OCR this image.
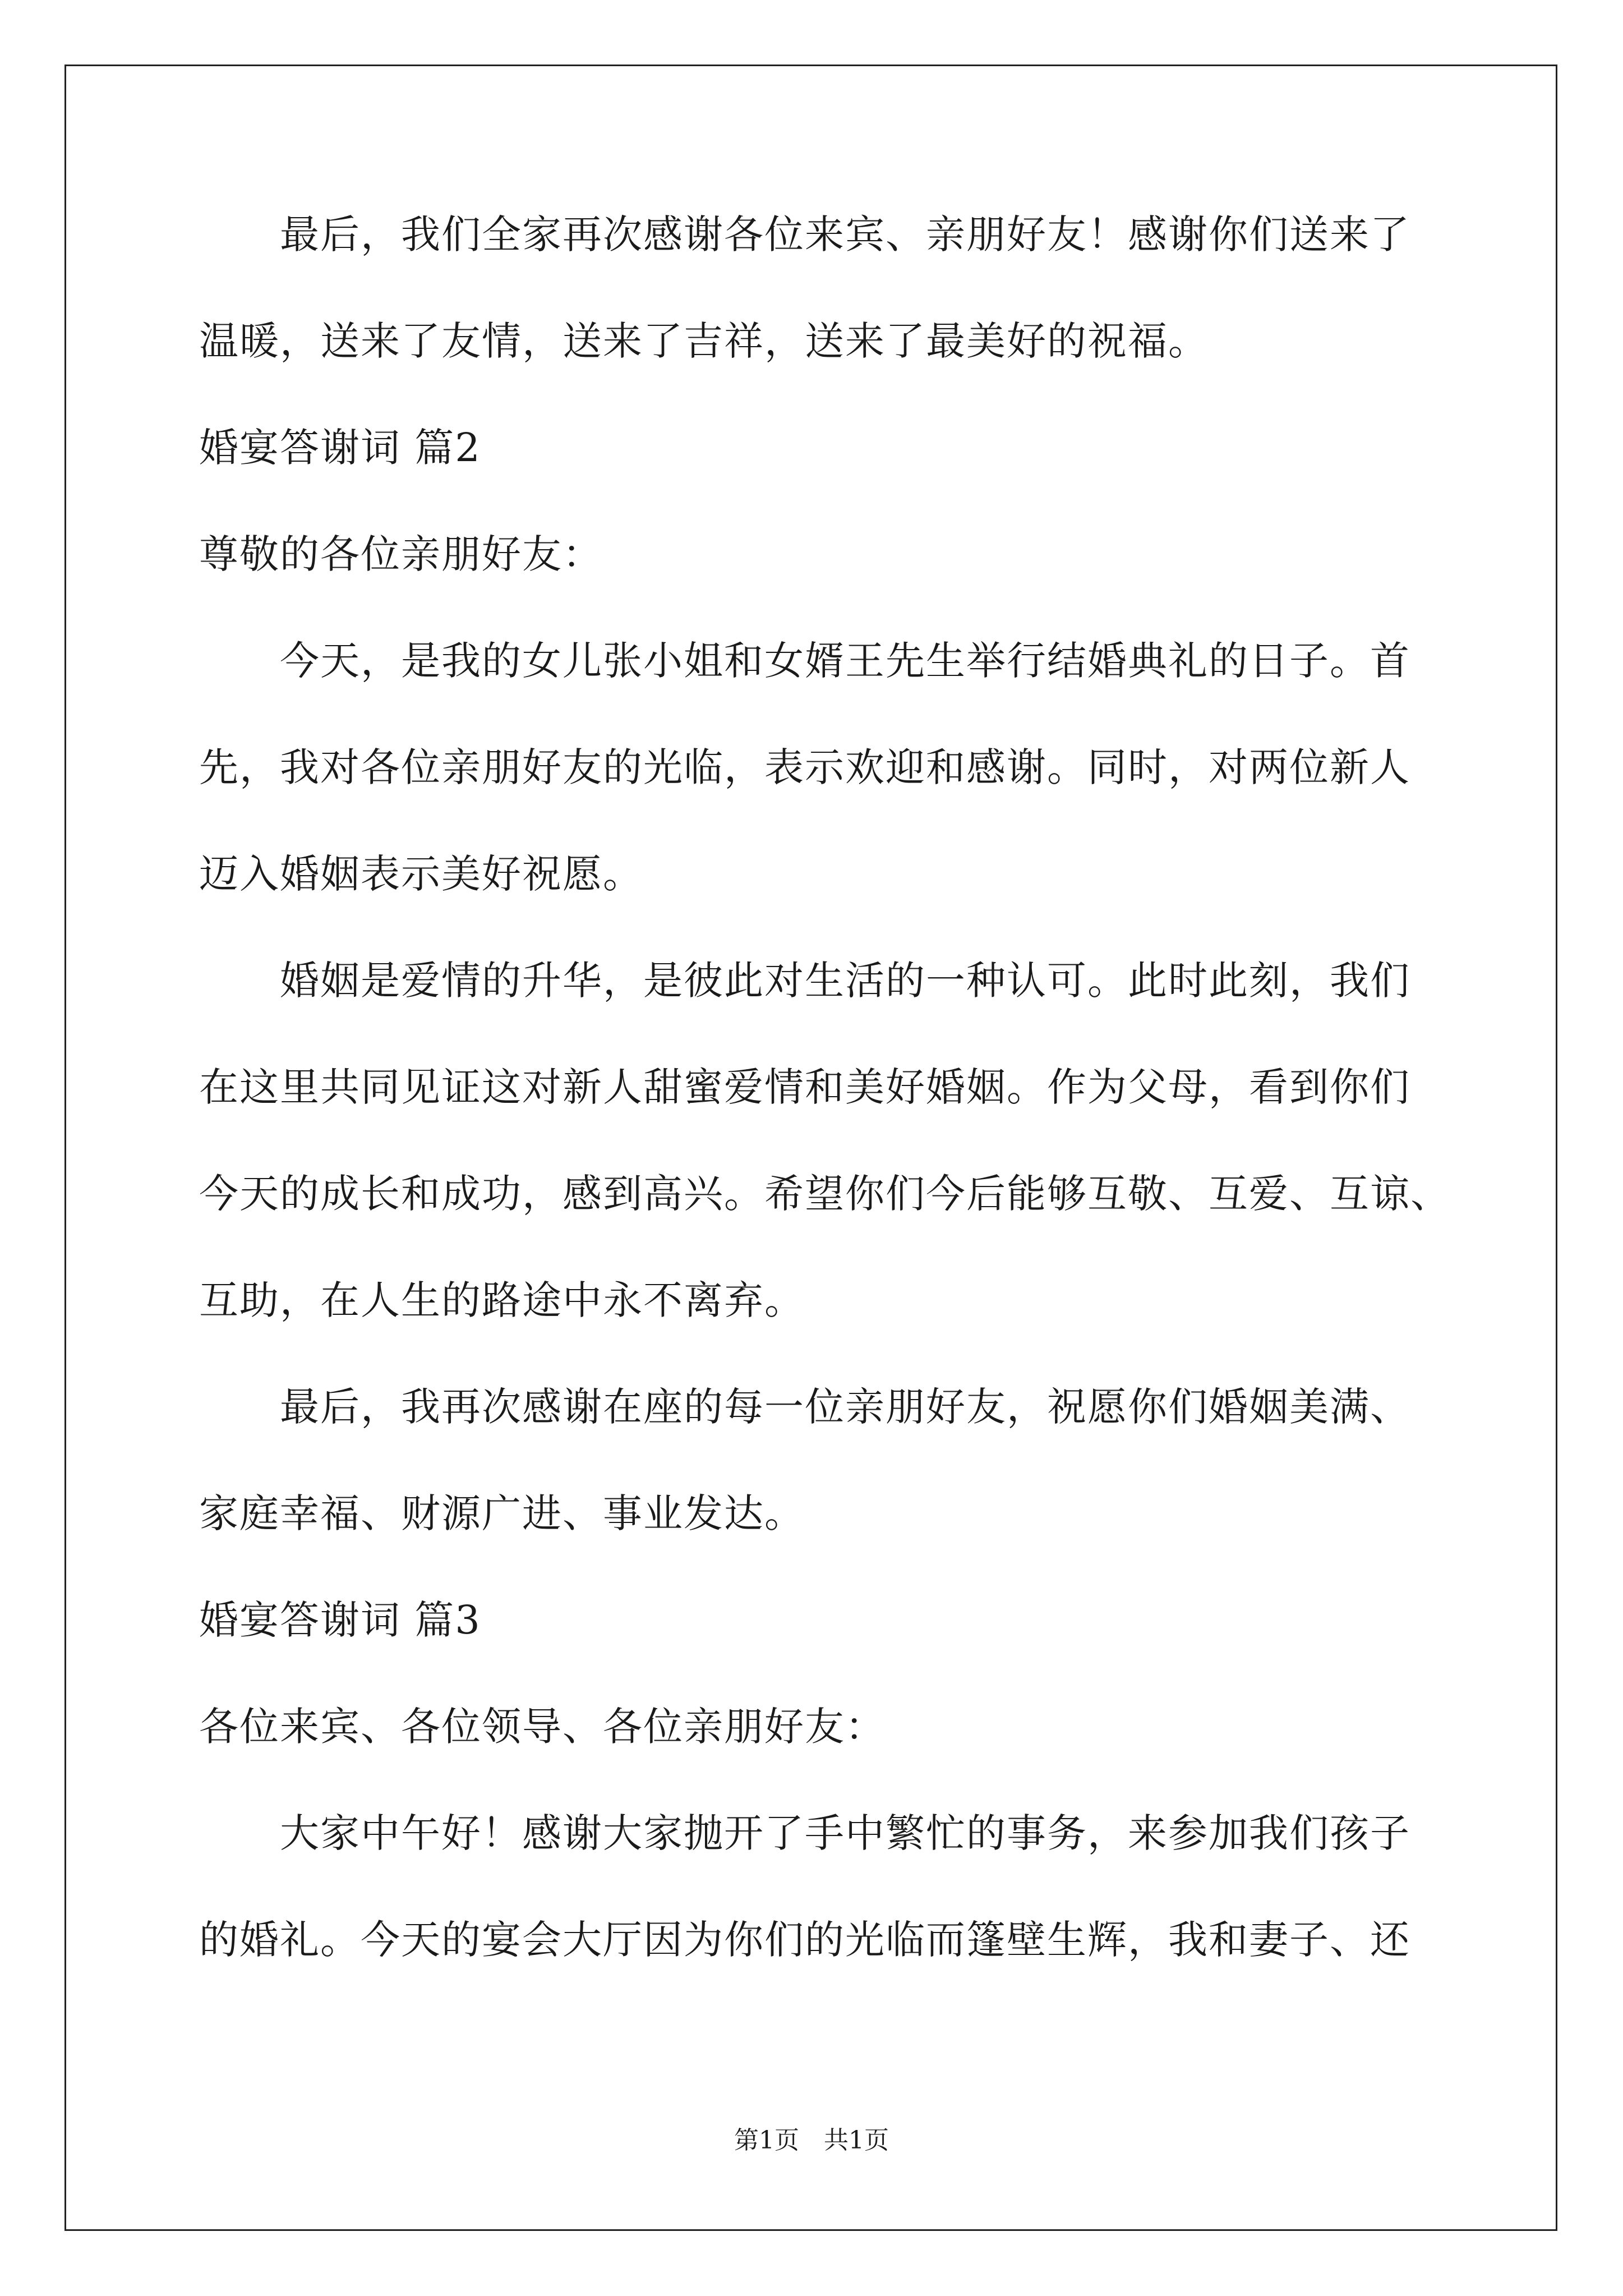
　　最后，我们全家再次感谢各位来宾、亲朋好友！感谢你们送来了
温暖，送来了友情，送来了吉祥，送来了最美好的祝福。
婚宴答谢词 篇2
尊敬的各位亲朋好友：
　　今天，是我的女儿张小姐和女婿王先生举行结婚典礼的日子。首
先，我对各位亲朋好友的光临，表示欢迎和感谢。同时，对两位新人
迈入婚姻表示美好祝愿。
　　婚姻是爱情的升华，是彼此对生活的一种认可。此时此刻，我们
在这里共同见证这对新人甜蜜爱情和美好婚姻。作为父母，看到你们
今天的成长和成功，感到高兴。希望你们今后能够互敬、互爱、互谅、
互助，在人生的路途中永不离弃。
　　最后，我再次感谢在座的每一位亲朋好友，祝愿你们婚姻美满、
家庭幸福、财源广进、事业发达。
婚宴答谢词 篇3
各位来宾、各位领导、各位亲朋好友：
　　大家中午好！感谢大家抛开了手中繁忙的事务，来参加我们孩子
的婚礼。今天的宴会大厅因为你们的光临而篷壁生辉，我和妻子、还
第1页　共1页
